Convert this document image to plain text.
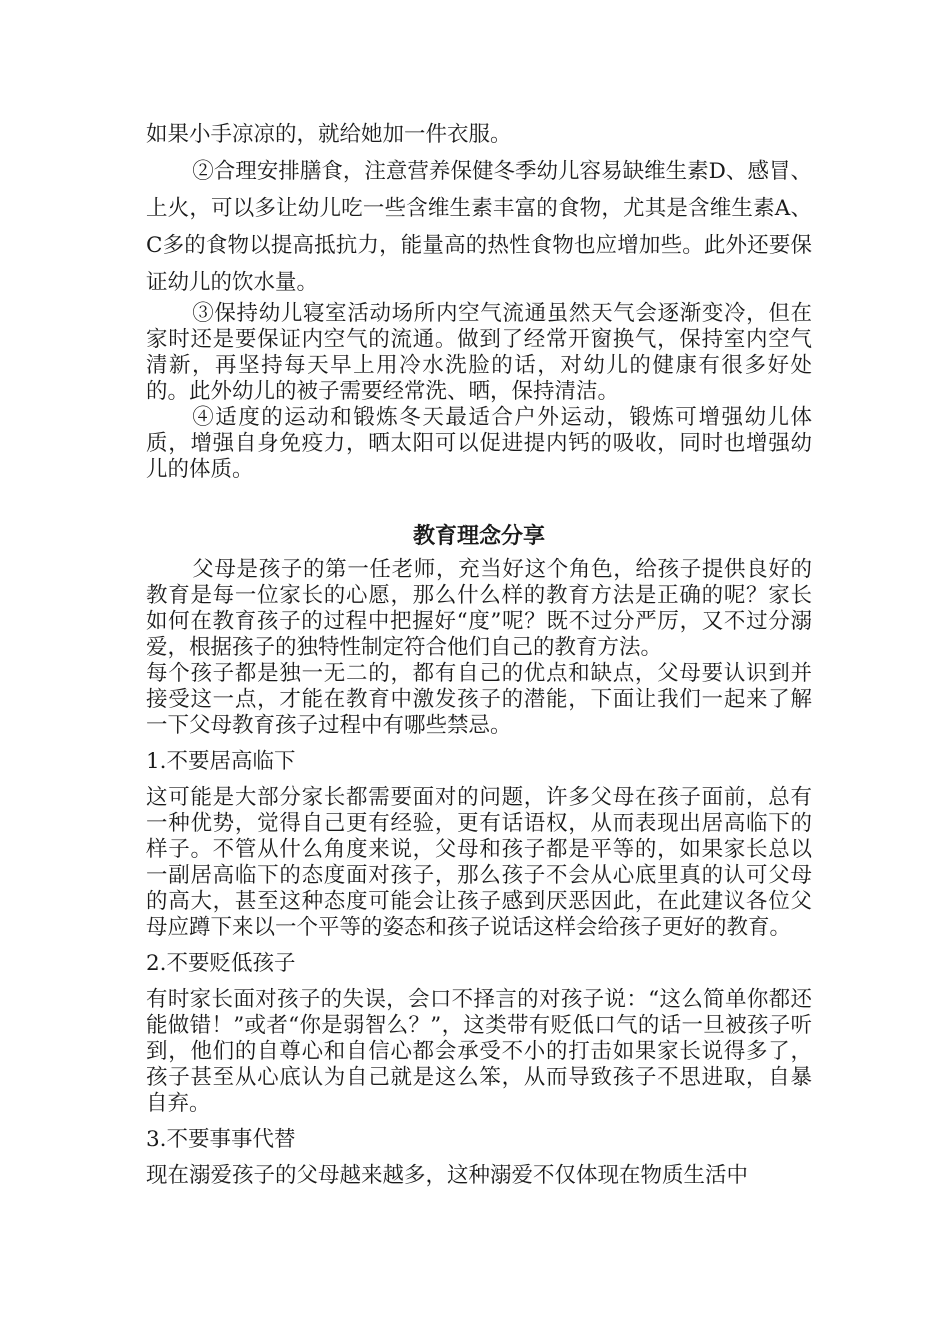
如果小手凉凉的，就给她加一件衣服。

②合理安排膳食，注意营养保健冬季幼儿容易缺维生素D、感冒、上火，可以多让幼儿吃一些含维生素丰富的食物，尤其是含维生素A、C多的食物以提高抵抗力，能量高的热性食物也应增加些。此外还要保证幼儿的饮水量。

③保持幼儿寝室活动场所内空气流通虽然天气会逐渐变冷，但在家时还是要保证内空气的流通。做到了经常开窗换气，保持室内空气清新，再坚持每天早上用冷水洗脸的话，对幼儿的健康有很多好处的。此外幼儿的被子需要经常洗、晒，保持清洁。

④适度的运动和锻炼冬天最适合户外运动，锻炼可增强幼儿体质，增强自身免疫力，晒太阳可以促进提内钙的吸收，同时也增强幼儿的体质。

教育理念分享

父母是孩子的第一任老师，充当好这个角色，给孩子提供良好的教育是每一位家长的心愿，那么什么样的教育方法是正确的呢？家长如何在教育孩子的过程中把握好“度”呢？既不过分严厉，又不过分溺爱，根据孩子的独特性制定符合他们自己的教育方法。

每个孩子都是独一无二的，都有自己的优点和缺点，父母要认识到并接受这一点，才能在教育中激发孩子的潜能，下面让我们一起来了解一下父母教育孩子过程中有哪些禁忌。

1.不要居高临下

这可能是大部分家长都需要面对的问题，许多父母在孩子面前，总有一种优势，觉得自己更有经验，更有话语权，从而表现出居高临下的样子。不管从什么角度来说，父母和孩子都是平等的，如果家长总以一副居高临下的态度面对孩子，那么孩子不会从心底里真的认可父母的高大，甚至这种态度可能会让孩子感到厌恶因此，在此建议各位父母应蹲下来以一个平等的姿态和孩子说话这样会给孩子更好的教育。

2.不要贬低孩子

有时家长面对孩子的失误，会口不择言的对孩子说：“这么简单你都还能做错！”或者“你是弱智么？”，这类带有贬低口气的话一旦被孩子听到，他们的自尊心和自信心都会承受不小的打击如果家长说得多了，孩子甚至从心底认为自己就是这么笨，从而导致孩子不思进取，自暴自弃。

3.不要事事代替

现在溺爱孩子的父母越来越多，这种溺爱不仅体现在物质生活中
